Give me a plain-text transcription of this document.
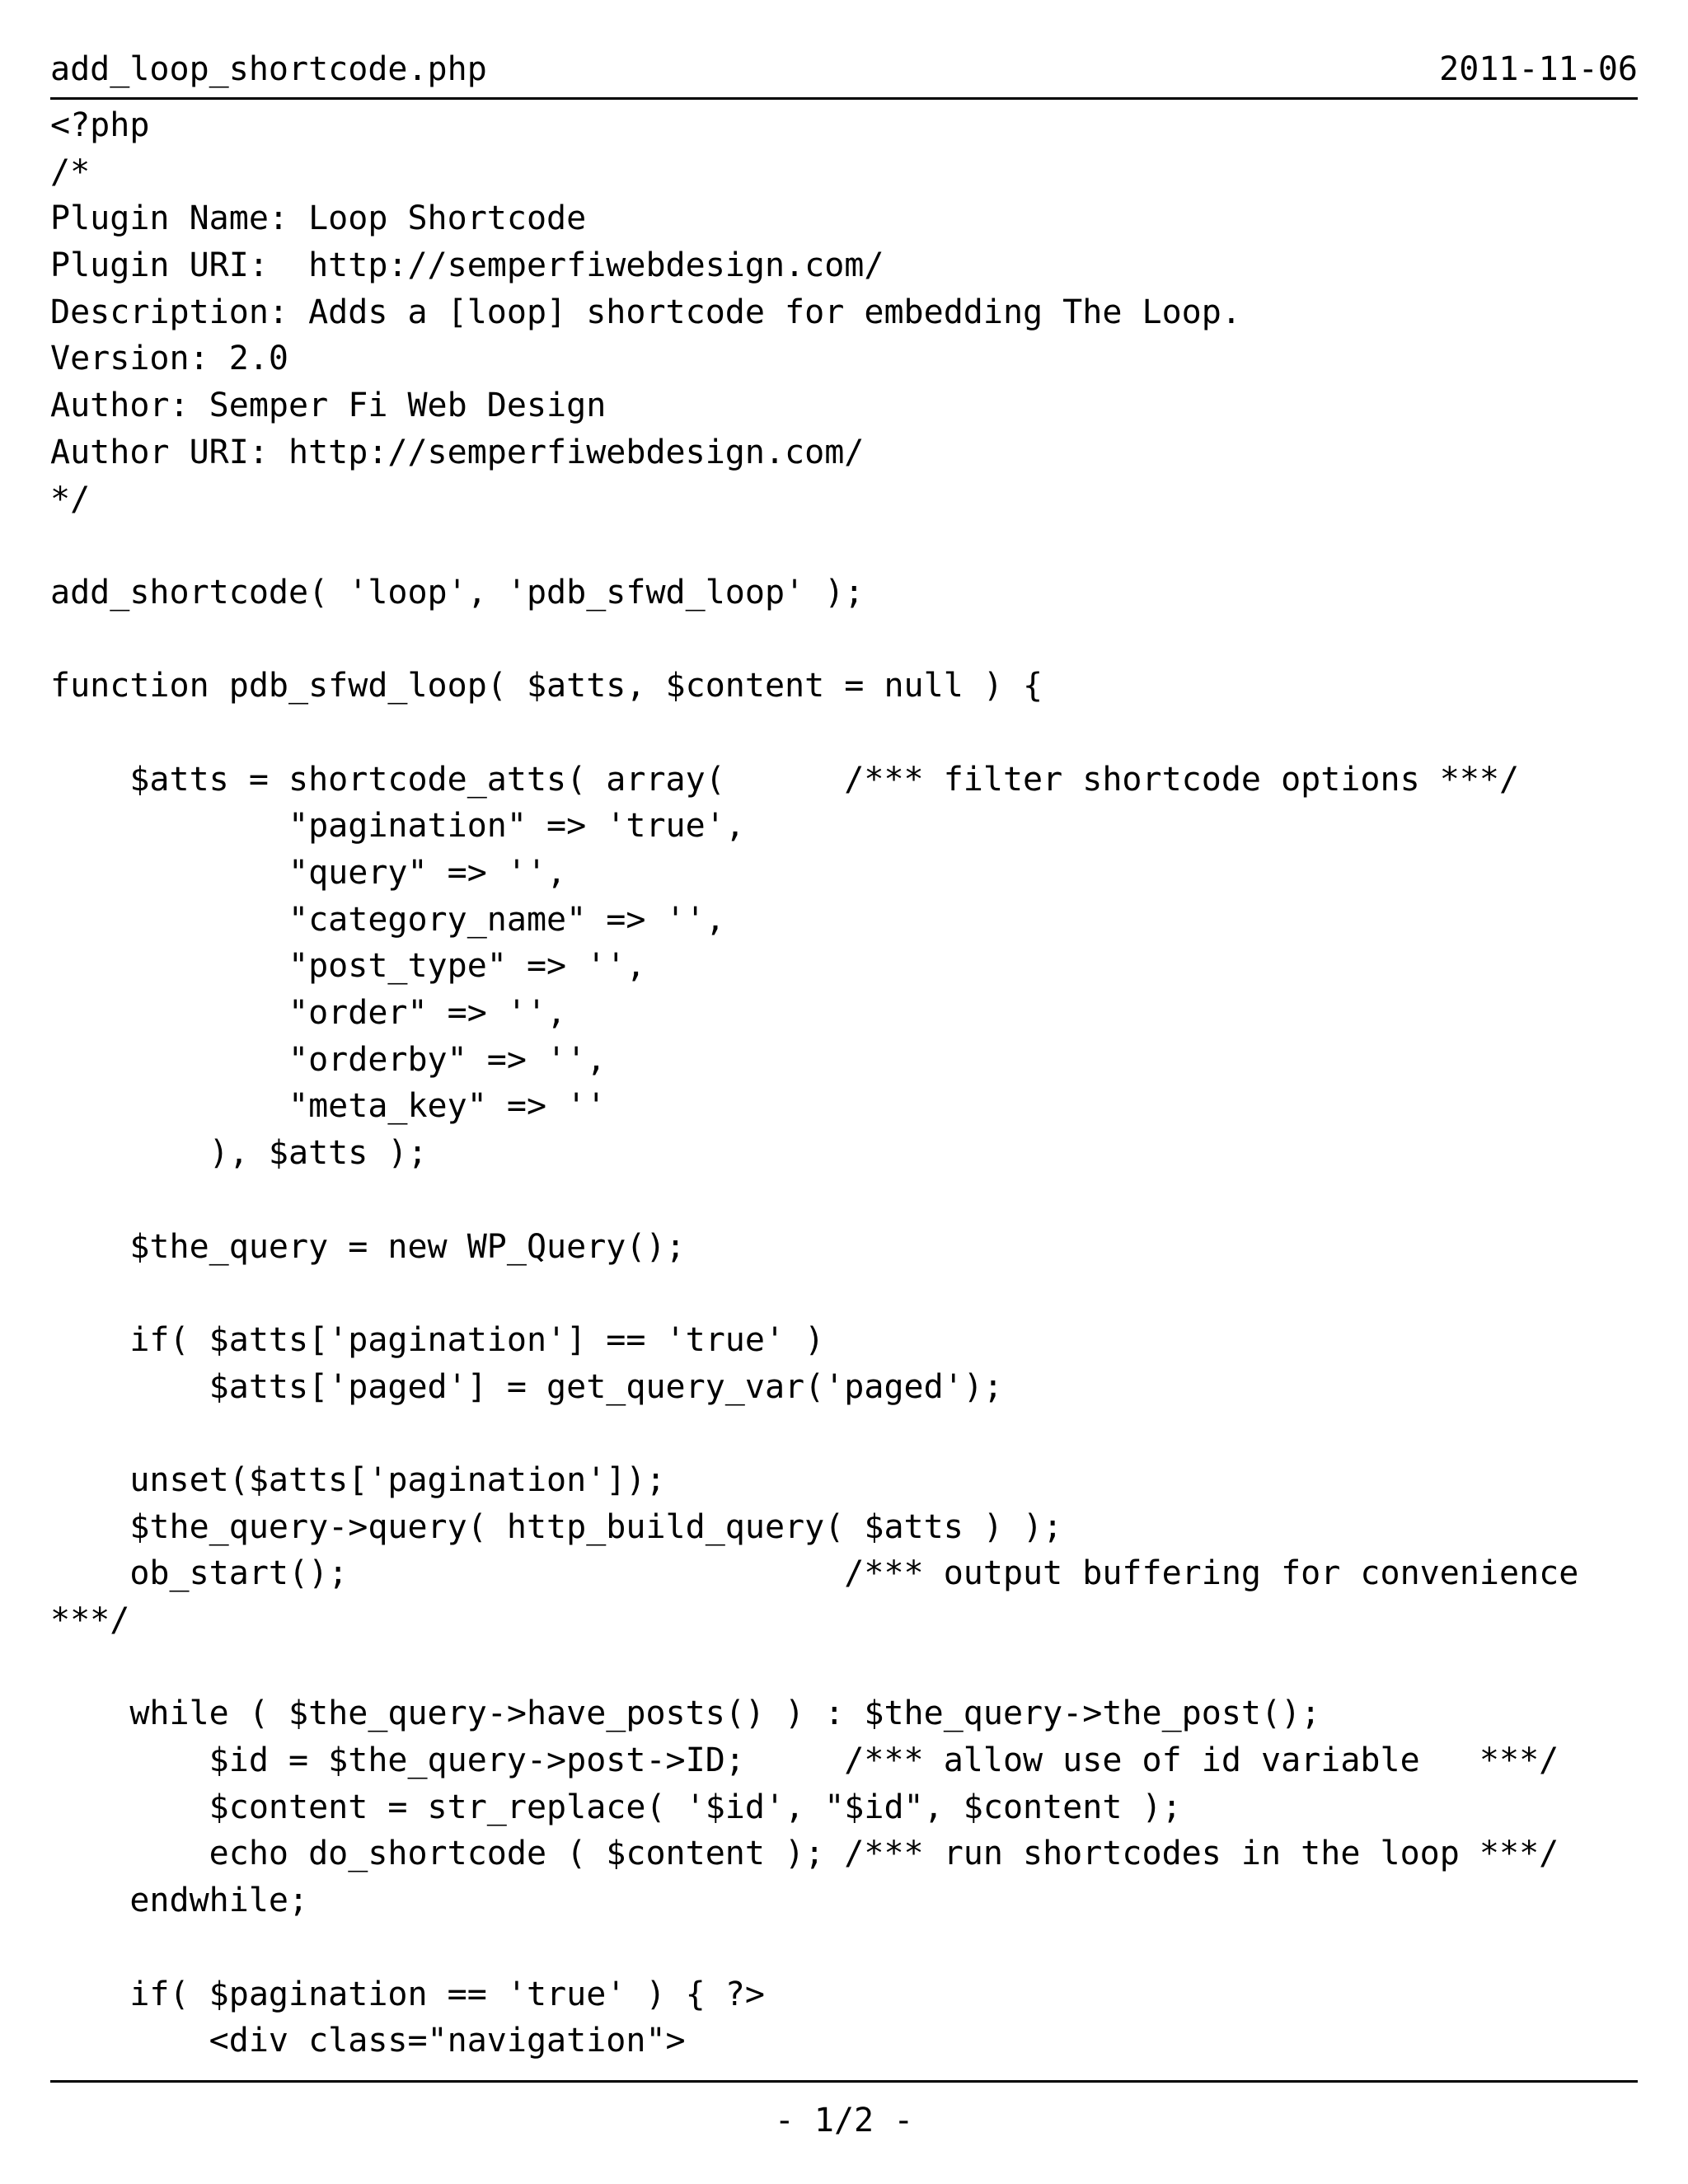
add_loop_shortcode.php	2011-11-06
<?php
/*
Plugin Name: Loop Shortcode
Plugin URI:  http://semperfiwebdesign.com/
Description: Adds a [loop] shortcode for embedding The Loop.
Version: 2.0
Author: Semper Fi Web Design
Author URI: http://semperfiwebdesign.com/
*/
add_shortcode( 'loop', 'pdb_sfwd_loop' );
function pdb_sfwd_loop( $atts, $content = null ) {
$atts = shortcode_atts( array(      /*** filter shortcode options ***/
"pagination" => 'true',
"query" => '',
"category_name" => '',
"post_type" => '',
"order" => '',
"orderby" => '',
"meta_key" => ''
), $atts );
$the_query = new WP_Query();
if( $atts['pagination'] == 'true' )
$atts['paged'] = get_query_var('paged');
unset($atts['pagination']);
$the_query->query( http_build_query( $atts ) );
ob_start();                         /*** output buffering for convenience
***/
while ( $the_query->have_posts() ) : $the_query->the_post();
$id = $the_query->post->ID;     /*** allow use of id variable   ***/
$content = str_replace( '$id', "$id", $content );
echo do_shortcode ( $content ); /*** run shortcodes in the loop ***/
endwhile;
if( $pagination == 'true' ) { ?>
<div class="navigation">
- 1/2 -
